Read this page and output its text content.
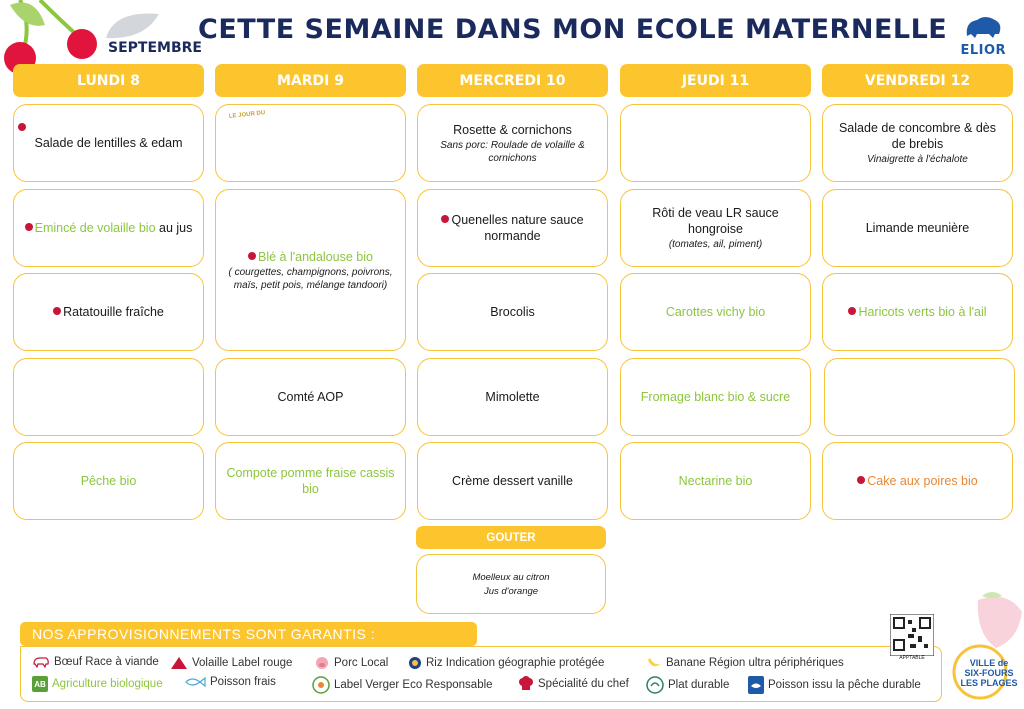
SEPTEMBRE
CETTE SEMAINE DANS MON ECOLE MATERNELLE
ELIOR
LUNDI 8	MARDI 9	MERCREDI 10	JEUDI 11	VENDREDI 12
Salade de lentilles & edam
Emincé de volaille bio au jus
Ratatouille fraîche
Pêche bio
LE JOUR DU
Blé à l'andalouse bio
( courgettes, champignons, poivrons, maïs, petit pois, mélange tandoori)
Comté AOP
Compote pomme fraise cassis bio
Rosette & cornichons
Sans porc: Roulade de volaille & cornichons
Quenelles nature sauce normande
Brocolis
Mimolette
Crème dessert vanille
Rôti de veau LR sauce hongroise
(tomates, ail, piment)
Carottes vichy bio
Fromage blanc bio & sucre
Nectarine bio
Salade de concombre & dès de brebis
Vinaigrette à l'échalote
Limande meunière
Haricots verts bio à l'ail
Cake aux poires bio
GOUTER
Moelleux au citron
Jus d'orange
NOS APPROVISIONNEMENTS SONT GARANTIS :
Bœuf Race à viande	Volaille Label rouge	Porc Local	Riz Indication géographie protégée	Banane Région ultra périphériques
AB Agriculture biologique	Poisson frais	Label Verger Eco Responsable	Spécialité du chef	Plat durable	Poisson issu la pêche durable
APPTABLE	VILLE de SIX-FOURS LES PLAGES
